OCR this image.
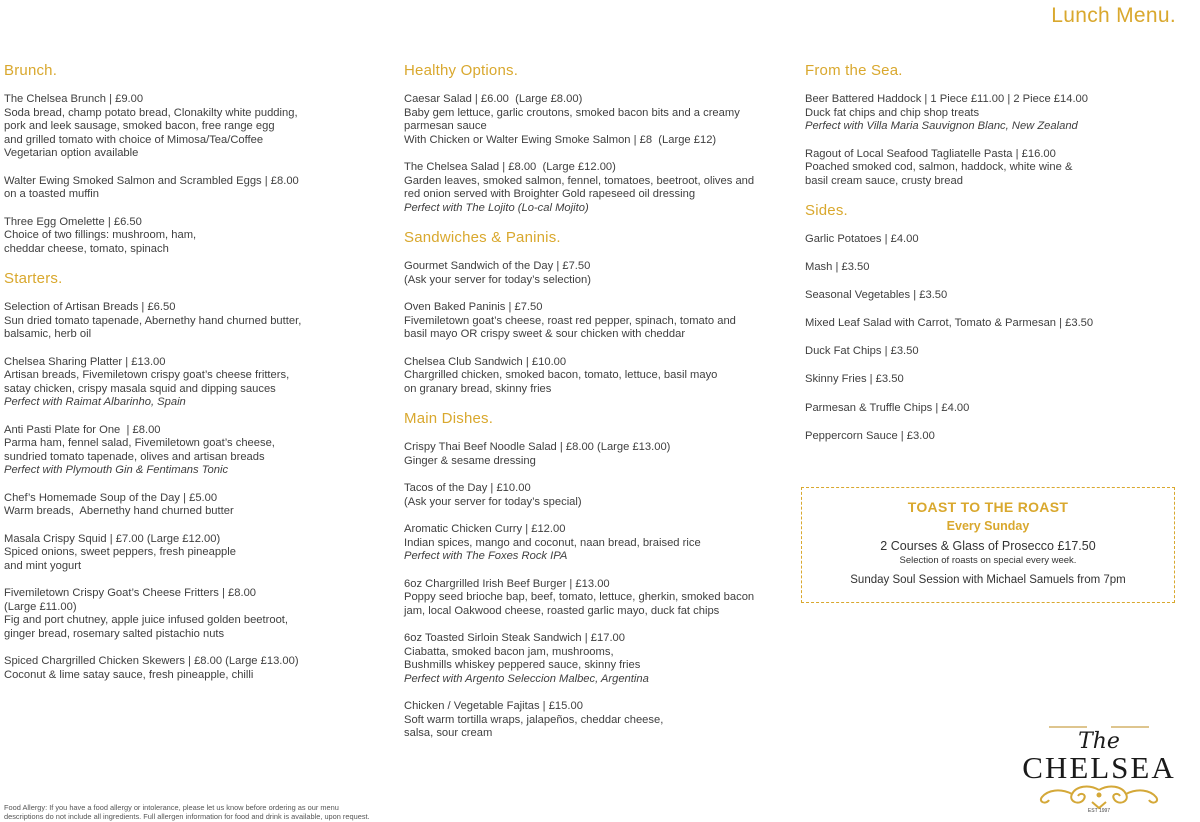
Lunch Menu.
Brunch.
The Chelsea Brunch | £9.00
Soda bread, champ potato bread, Clonakilty white pudding,
pork and leek sausage, smoked bacon, free range egg
and grilled tomato with choice of Mimosa/Tea/Coffee
Vegetarian option available
Walter Ewing Smoked Salmon and Scrambled Eggs | £8.00
on a toasted muffin
Three Egg Omelette | £6.50
Choice of two fillings: mushroom, ham,
cheddar cheese, tomato, spinach
Starters.
Selection of Artisan Breads | £6.50
Sun dried tomato tapenade, Abernethy hand churned butter,
balsamic, herb oil
Chelsea Sharing Platter | £13.00
Artisan breads, Fivemiletown crispy goat’s cheese fritters,
satay chicken, crispy masala squid and dipping sauces
Perfect with Raimat Albarinho, Spain
Anti Pasti Plate for One  | £8.00
Parma ham, fennel salad, Fivemiletown goat’s cheese,
sundried tomato tapenade, olives and artisan breads
Perfect with Plymouth Gin & Fentimans Tonic
Chef’s Homemade Soup of the Day | £5.00
Warm breads,  Abernethy hand churned butter
Masala Crispy Squid | £7.00 (Large £12.00)
Spiced onions, sweet peppers, fresh pineapple
and mint yogurt
Fivemiletown Crispy Goat’s Cheese Fritters | £8.00
(Large £11.00)
Fig and port chutney, apple juice infused golden beetroot,
ginger bread, rosemary salted pistachio nuts
Spiced Chargrilled Chicken Skewers | £8.00 (Large £13.00)
Coconut & lime satay sauce, fresh pineapple, chilli
Healthy Options.
Caesar Salad | £6.00  (Large £8.00)
Baby gem lettuce, garlic croutons, smoked bacon bits and a creamy
parmesan sauce
With Chicken or Walter Ewing Smoke Salmon | £8  (Large £12)
The Chelsea Salad | £8.00  (Large £12.00)
Garden leaves, smoked salmon, fennel, tomatoes, beetroot, olives and
red onion served with Broighter Gold rapeseed oil dressing
Perfect with The Lojito (Lo-cal Mojito)
Sandwiches & Paninis.
Gourmet Sandwich of the Day | £7.50
(Ask your server for today’s selection)
Oven Baked Paninis | £7.50
Fivemiletown goat’s cheese, roast red pepper, spinach, tomato and
basil mayo OR crispy sweet & sour chicken with cheddar
Chelsea Club Sandwich | £10.00
Chargrilled chicken, smoked bacon, tomato, lettuce, basil mayo
on granary bread, skinny fries
Main Dishes.
Crispy Thai Beef Noodle Salad | £8.00 (Large £13.00)
Ginger & sesame dressing
Tacos of the Day | £10.00
(Ask your server for today’s special)
Aromatic Chicken Curry | £12.00
Indian spices, mango and coconut, naan bread, braised rice
Perfect with The Foxes Rock IPA
6oz Chargrilled Irish Beef Burger | £13.00
Poppy seed brioche bap, beef, tomato, lettuce, gherkin, smoked bacon
jam, local Oakwood cheese, roasted garlic mayo, duck fat chips
6oz Toasted Sirloin Steak Sandwich | £17.00
Ciabatta, smoked bacon jam, mushrooms,
Bushmills whiskey peppered sauce, skinny fries
Perfect with Argento Seleccion Malbec, Argentina
Chicken / Vegetable Fajitas | £15.00
Soft warm tortilla wraps, jalapeños, cheddar cheese,
salsa, sour cream
From the Sea.
Beer Battered Haddock | 1 Piece £11.00 | 2 Piece £14.00
Duck fat chips and chip shop treats
Perfect with Villa Maria Sauvignon Blanc, New Zealand
Ragout of Local Seafood Tagliatelle Pasta | £16.00
Poached smoked cod, salmon, haddock, white wine &
basil cream sauce, crusty bread
Sides.
Garlic Potatoes | £4.00
Mash | £3.50
Seasonal Vegetables | £3.50
Mixed Leaf Salad with Carrot, Tomato & Parmesan | £3.50
Duck Fat Chips | £3.50
Skinny Fries | £3.50
Parmesan & Truffle Chips | £4.00
Peppercorn Sauce | £3.00
TOAST TO THE ROAST
Every Sunday
2 Courses & Glass of Prosecco £17.50
Selection of roasts on special every week.
Sunday Soul Session with Michael Samuels from 7pm
Food Allergy: If you have a food allergy or intolerance, please let us know before ordering as our menu
descriptions do not include all ingredients. Full allergen information for food and drink is available, upon request.
The
CHELSEA
EST 1997
